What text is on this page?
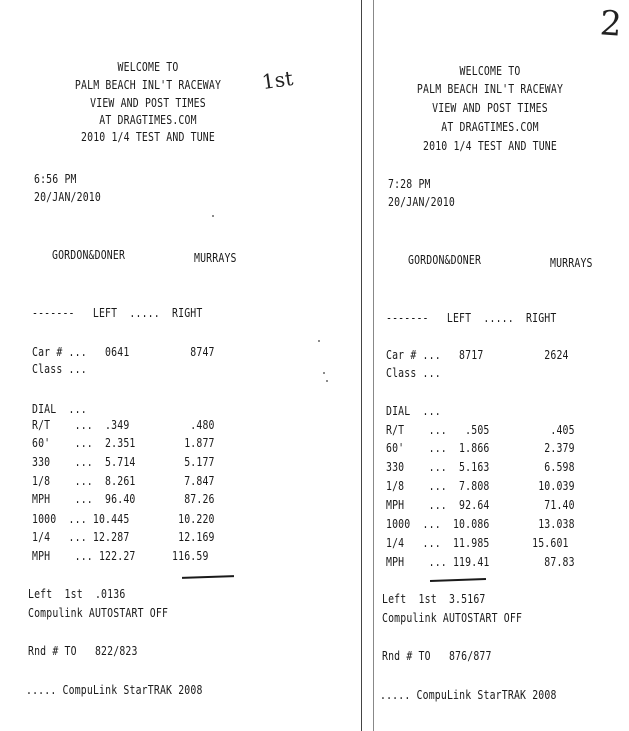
WELCOME TO
PALM BEACH INL'T RACEWAY
VIEW AND POST TIMES
AT DRAGTIMES.COM
2010 1/4 TEST AND TUNE
6:56 PM
20/JAN/2010
GORDON&DONER	MURRAYS
-------   LEFT  .....  RIGHT
Car # ...   0641          8747
Class ...
DIAL  ...
R/T    ...  .349          .480
60'    ...  2.351        1.877
330    ...  5.714        5.177
1/8    ...  8.261        7.847
MPH    ...  96.40        87.26
1000  ... 10.445        10.220
1/4   ... 12.287        12.169
MPH    ... 122.27      116.59
Left  1st  .0136
Compulink AUTOSTART OFF
Rnd # TO   822/823
..... CompuLink StarTRAK 2008
1st	WELCOME TO
PALM BEACH INL'T RACEWAY
VIEW AND POST TIMES
AT DRAGTIMES.COM
2010 1/4 TEST AND TUNE
7:28 PM
20/JAN/2010
GORDON&DONER	MURRAYS
-------   LEFT  .....  RIGHT
Car # ...   8717          2624
Class ...
DIAL  ...
R/T    ...   .505          .405
60'    ...  1.866         2.379
330    ...  5.163         6.598
1/8    ...  7.808        10.039
MPH    ...  92.64         71.40
1000  ...  10.086        13.038
1/4   ...  11.985       15.601
MPH    ... 119.41         87.83
Left  1st  3.5167
Compulink AUTOSTART OFF
Rnd # TO   876/877
..... CompuLink StarTRAK 2008
2
